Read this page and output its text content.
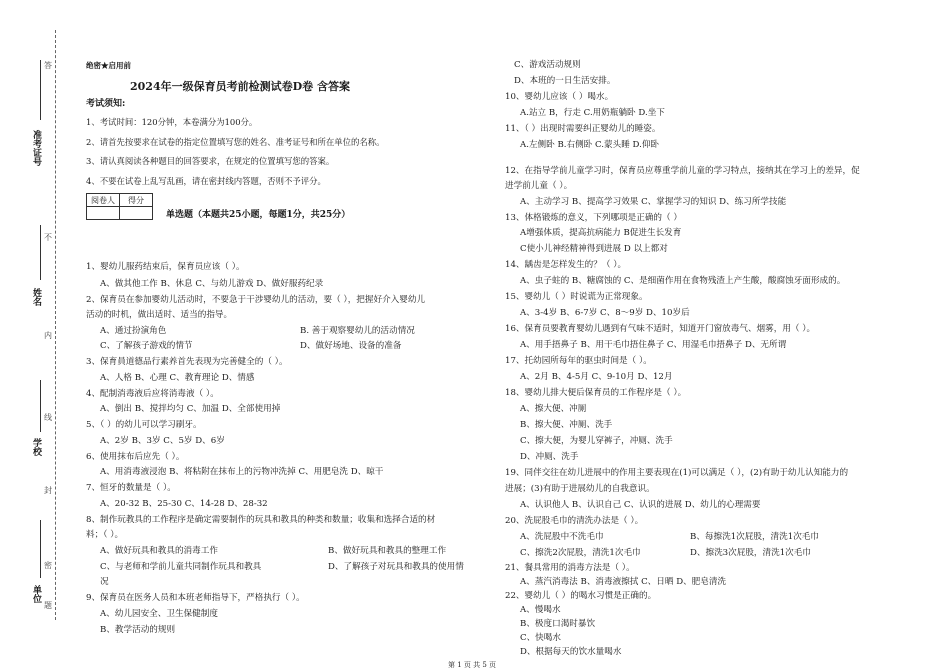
准考证号
姓名
学校
单位
答
不
内
线
封
密
题
绝密★启用前
2024年一级保育员考前检测试卷D卷 含答案
考试须知:
1、考试时间：120分钟，本卷满分为100分。
2、请首先按要求在试卷的指定位置填写您的姓名、准考证号和所在单位的名称。
3、请认真阅读各种题目的回答要求，在规定的位置填写您的答案。
4、不要在试卷上乱写乱画，请在密封线内答题，否则不予评分。
阅卷人	得分

单选题（本题共25小题，每题1分，共25分）
1、婴幼儿服药结束后，保育员应该（ ）。
A、做其他工作 B、休息 C、与幼儿游戏 D、做好服药纪录
2、保育员在参加婴幼儿活动时，不要急于干涉婴幼儿的活动，要（ ），把握好介入婴幼儿
活动的时机，做出适时、适当的指导。
A、通过扮演角色	B. 善于观察婴幼儿的活动情况
C、了解孩子游戏的情节	D、做好场地、设备的准备
3、保育員道德品行素养首先表现为完善健全的（ ）。
A、人格 B、心理 C、教育理论 D、情感
4、配制消毒液后应将消毒液（ ）。
A、倒出 B、搅拌均匀 C、加温 D、全部使用掉
5、（ ）的幼儿可以学习刷牙。
A、2岁 B、3岁 C、5岁 D、6岁
6、使用抹布后应先（ ）。
A、用消毒液浸泡 B、将粘附在抹布上的污物冲洗掉 C、用肥皂洗 D、晾干
7、恒牙的数量是（ ）。
A、20-32 B、25-30 C、14-28 D、28-32
8、制作玩教具的工作程序是确定需要制作的玩具和教具的种类和数量；收集和选择合适的材
料；（ ）。
A、做好玩具和教具的消毒工作	B、做好玩具和教具的整理工作
C、与老师和学前儿童共同制作玩具和教具	D、了解孩子对玩具和教具的使用情
况
9、保育员在医务人员和本班老师指导下，严格执行（ ）。
A、幼儿园安全、卫生保健制度
B、教学活动的规则
C、游戏活动规则
D、本班的一日生活安排。
10、婴幼儿应该（ ）喝水。
A.站立 B，行走 C.用奶瓶躺卧 D.坐下
11、（ ）出现时需要纠正婴幼儿的睡姿。
A.左侧卧 B.右侧卧 C.蒙头睡 D.仰卧
12、在指导学前儿童学习时，保育员应尊重学前儿童的学习特点，接纳其在学习上的差异，促
进学前儿童（ ）。
A、主动学习 B、提高学习效果 C、掌握学习的知识 D、练习所学技能
13、体格锻炼的意义，下列哪项是正确的（ ）
A增强体质，提高抗病能力 B促进生长发育
C使小儿神经精神得到进展 D 以上都对
14、龋齿是怎样发生的？（ ）。
A、虫子蛀的 B、糖腐蚀的 C、是细菌作用在食物残渣上产生酸，酸腐蚀牙面形成的。
15、婴幼儿（ ）时说谎为正常现象。
A、3-4岁 B、6-7岁 C、8～9岁 D、10岁后
16、保育员要教育婴幼儿遇到有气味不适时，知道开门窗放毒气、烟雾，用（ ）。
A、用手捂鼻子 B、用干毛巾捂住鼻子 C、用湿毛巾捂鼻子 D、无所谓
17、托幼园所每年的驱虫时间是（ ）。
A、2月 B、4-5月 C、9-10月 D、12月
18、婴幼儿排大便后保育员的工作程序是（ ）。
A、擦大便、冲厕
B、擦大便、冲厕、洗手
C、擦大便，为婴儿穿裤子，冲厕、洗手
D、冲厕、洗手
19、同伴交往在幼儿进展中的作用主要表现在(1)可以满足（ ），(2)有助于幼儿认知能力的
进展；(3)有助于进展幼儿的自我意识。
A、认识他人 B、认识自己 C、认识的进展 D、幼儿的心理需要
20、洗屁股毛巾的清洗办法是（ ）。
A、洗屁股中不洗毛巾	B、每擦洗1次屁股，清洗1次毛巾
C、擦洗2次屁股，清洗1次毛巾	D、擦洗3次屁股，清洗1次毛巾
21、餐具常用的消毒方法是（ ）。
A、蒸汽消毒法 B、消毒液擦拭 C、日晒 D、肥皂清洗
22、婴幼儿（ ）的喝水习惯是正确的。
A、慢喝水
B、极度口渴时暴饮
C、快喝水
D、根据每天的饮水量喝水
第 1 页 共 5 页
